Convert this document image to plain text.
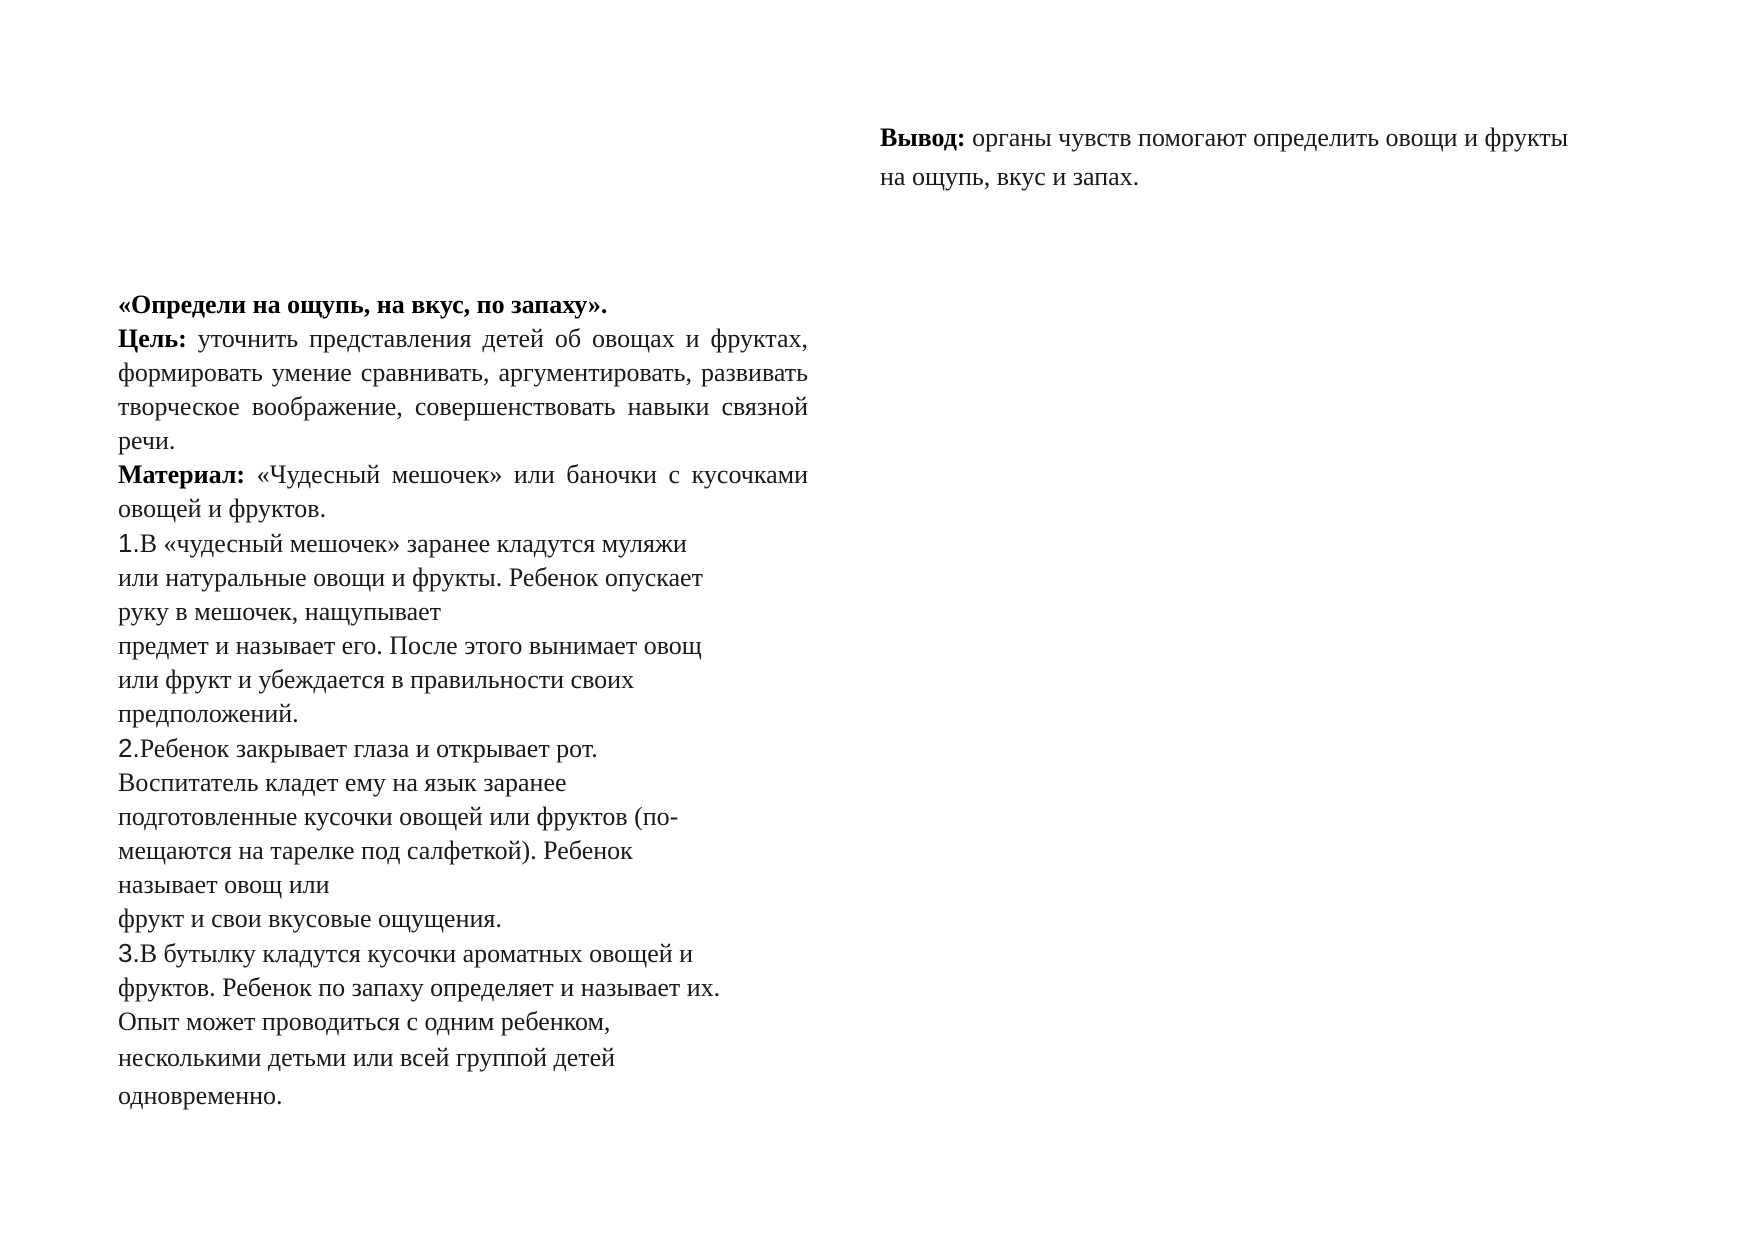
Вывод: органы чувств помогают определить овощи и фрукты на ощупь, вкус и запах.

«Определи на ощупь, на вкус, по запаху».

Цель: уточнить представления детей об овощах и фруктах, формировать умение сравнивать, аргументировать, развивать творческое воображение, совершенствовать навыки связной речи.

Материал: «Чудесный мешочек» или баночки с кусочками овощей и фруктов.

1.В «чудесный мешочек» заранее кладутся муляжи
или натуральные овощи и фрукты. Ребенок опускает
руку в мешочек, нащупывает
предмет и называет его. После этого вынимает овощ
или фрукт и убеждается в правильности своих
предположений.
2.Ребенок закрывает глаза и открывает рот.
Воспитатель кладет ему на язык заранее
подготовленные кусочки овощей или фруктов (по-
мещаются на тарелке под салфеткой). Ребенок
называет овощ или
фрукт и свои вкусовые ощущения.
3.В бутылку кладутся кусочки ароматных овощей и
фруктов. Ребенок по запаху определяет и называет их.
Опыт может проводиться с одним ребенком,
несколькими детьми или всей группой детей
одновременно.
